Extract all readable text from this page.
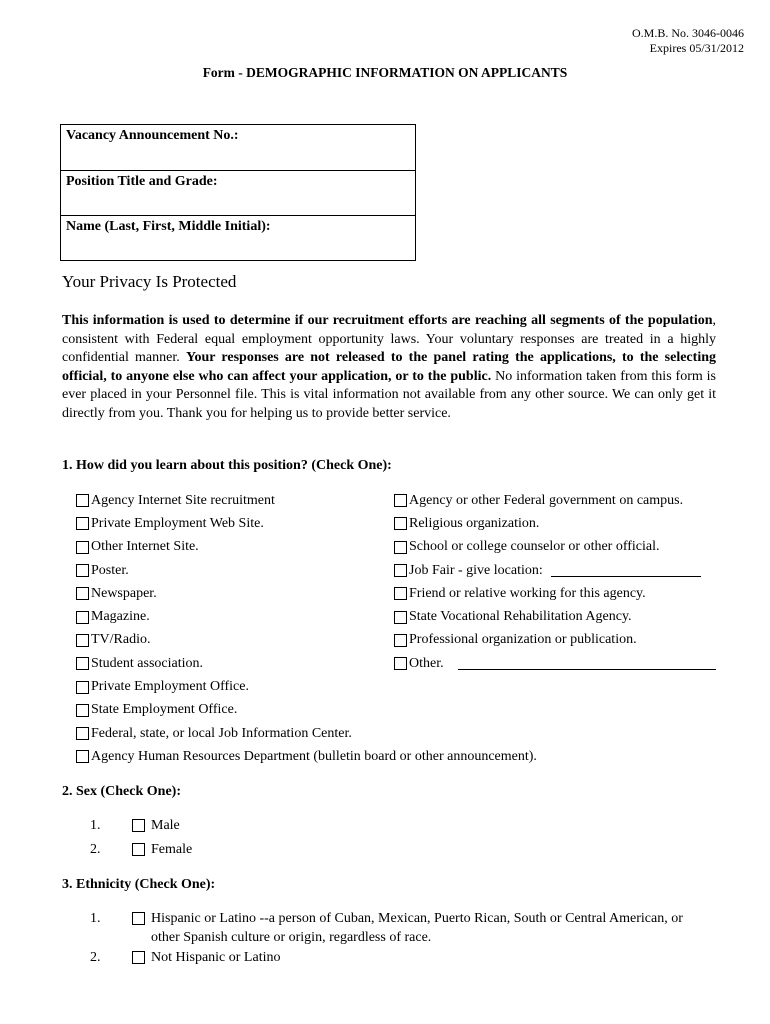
O.M.B. No. 3046-0046
Expires 05/31/2012
Form - DEMOGRAPHIC INFORMATION ON APPLICANTS
Vacancy Announcement No.:
Position Title and Grade:
Name (Last, First, Middle Initial):
Your Privacy Is Protected
This information is used to determine if our recruitment efforts are reaching all segments of the population, consistent with Federal equal employment opportunity laws. Your voluntary responses are treated in a highly confidential manner. Your responses are not released to the panel rating the applications, to the selecting official, to anyone else who can affect your application, or to the public. No information taken from this form is ever placed in your Personnel file. This is vital information not available from any other source. We can only get it directly from you. Thank you for helping us to provide better service.
1. How did you learn about this position? (Check One):
Agency Internet Site recruitment
Private Employment Web Site.
Other Internet Site.
Poster.
Newspaper.
Magazine.
TV/Radio.
Student association.
Private Employment Office.
State Employment Office.
Federal, state, or local Job Information Center.
Agency Human Resources Department (bulletin board or other announcement).
Agency or other Federal government on campus.
Religious organization.
School or college counselor or other official.
Job Fair - give location:
Friend or relative working for this agency.
State Vocational Rehabilitation Agency.
Professional organization or publication.
Other.
2. Sex (Check One):
1.	Male
2.	Female
3. Ethnicity (Check One):
1.	Hispanic or Latino --a person of Cuban, Mexican, Puerto Rican, South or Central American, or
other Spanish culture or origin, regardless of race.
2.	Not Hispanic or Latino
